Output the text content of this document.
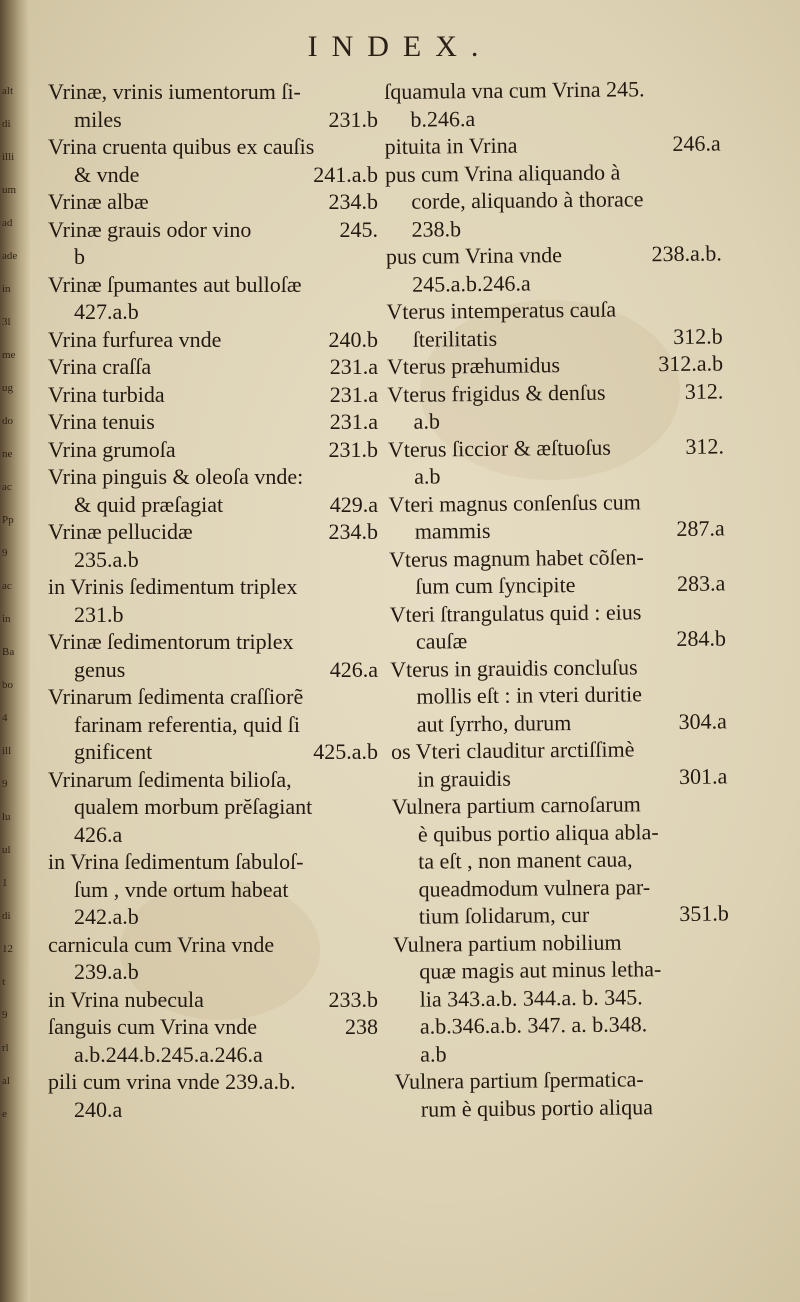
alt
di
illi
um
ad
ade
in
3l
me
ug
do
ne
ac
Pp
9
ac
in
Ba
bo
4
ill
9
lu
ul
1
di
12
t
9
rl
al
e
INDEX.
Vrinæ, vrinis iumentorum ſi-
miles	231.b
Vrina cruenta quibus ex cauſis
& vnde	241.a.b
Vrinæ albæ	234.b
Vrinæ grauis odor vino	245.
b
Vrinæ ſpumantes aut bulloſæ
427.a.b
Vrina furfurea vnde	240.b
Vrina craſſa	231.a
Vrina turbida	231.a
Vrina tenuis	231.a
Vrina grumoſa	231.b
Vrina pinguis & oleoſa vnde:
& quid præſagiat	429.a
Vrinæ pellucidæ	234.b
235.a.b
in Vrinis ſedimentum triplex
231.b
Vrinæ ſedimentorum triplex
genus	426.a
Vrinarum ſedimenta craſſiorẽ
farinam referentia, quid ſi
gnificent	425.a.b
Vrinarum ſedimenta bilioſa,
qualem morbum prĕſagiant
426.a
in Vrina ſedimentum ſabuloſ-
ſum , vnde ortum habeat
242.a.b
carnicula cum Vrina vnde
239.a.b
in Vrina nubecula	233.b
ſanguis cum Vrina vnde	238
a.b.244.b.245.a.246.a
pili cum vrina vnde 239.a.b.
240.a
ſquamula vna cum Vrina 245.
b.246.a
pituita in Vrina	246.a
pus cum Vrina aliquando à
corde, aliquando à thorace
238.b
pus cum Vrina vnde	238.a.b.
245.a.b.246.a
Vterus intemperatus cauſa
ſterilitatis	312.b
Vterus præhumidus	312.a.b
Vterus frigidus & denſus	312.
a.b
Vterus ſiccior & æſtuoſus	312.
a.b
Vteri magnus conſenſus cum
mammis	287.a
Vterus magnum habet cõſen-
ſum cum ſyncipite	283.a
Vteri ſtrangulatus quid : eius
cauſæ	284.b
Vterus in grauidis concluſus
mollis eſt : in vteri duritie
aut ſyrrho, durum	304.a
os Vteri clauditur arctiſſimè
in grauidis	301.a
Vulnera partium carnoſarum
è quibus portio aliqua abla-
ta eſt , non manent caua,
queadmodum vulnera par-
tium ſolidarum, cur	351.b
Vulnera partium nobilium
quæ magis aut minus letha-
lia 343.a.b. 344.a. b. 345.
a.b.346.a.b. 347. a. b.348.
a.b
Vulnera partium ſpermatica-
rum è quibus portio aliqua
